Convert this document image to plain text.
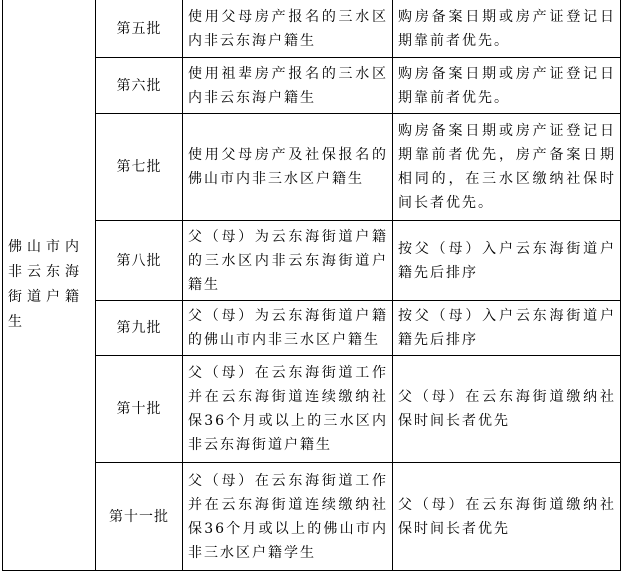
佛山市内非云东海街道户籍生	第五批	使用父母房产报名的三水区内非云东海户籍生	购房备案日期或房产证登记日期靠前者优先。

	第六批	使用祖辈房产报名的三水区内非云东海户籍生	购房备案日期或房产证登记日期靠前者优先。

	第七批	使用父母房产及社保报名的佛山市内非三水区户籍生	购房备案日期或房产证登记日期靠前者优先，房产备案日期相同的，在三水区缴纳社保时间长者优先。

	第八批	父（母）为云东海街道户籍的三水区内非云东海街道户籍生	按父（母）入户云东海街道户籍先后排序

	第九批	父（母）为云东海街道户籍的佛山市内非三水区户籍生	按父（母）入户云东海街道户籍先后排序

	第十批	父（母）在云东海街道工作并在云东海街道连续缴纳社保36个月或以上的三水区内非云东海街道户籍生	父（母）在云东海街道缴纳社保时间长者优先

	第十一批	父（母）在云东海街道工作并在云东海街道连续缴纳社保36个月或以上的佛山市内非三水区户籍学生	父（母）在云东海街道缴纳社保时间长者优先
